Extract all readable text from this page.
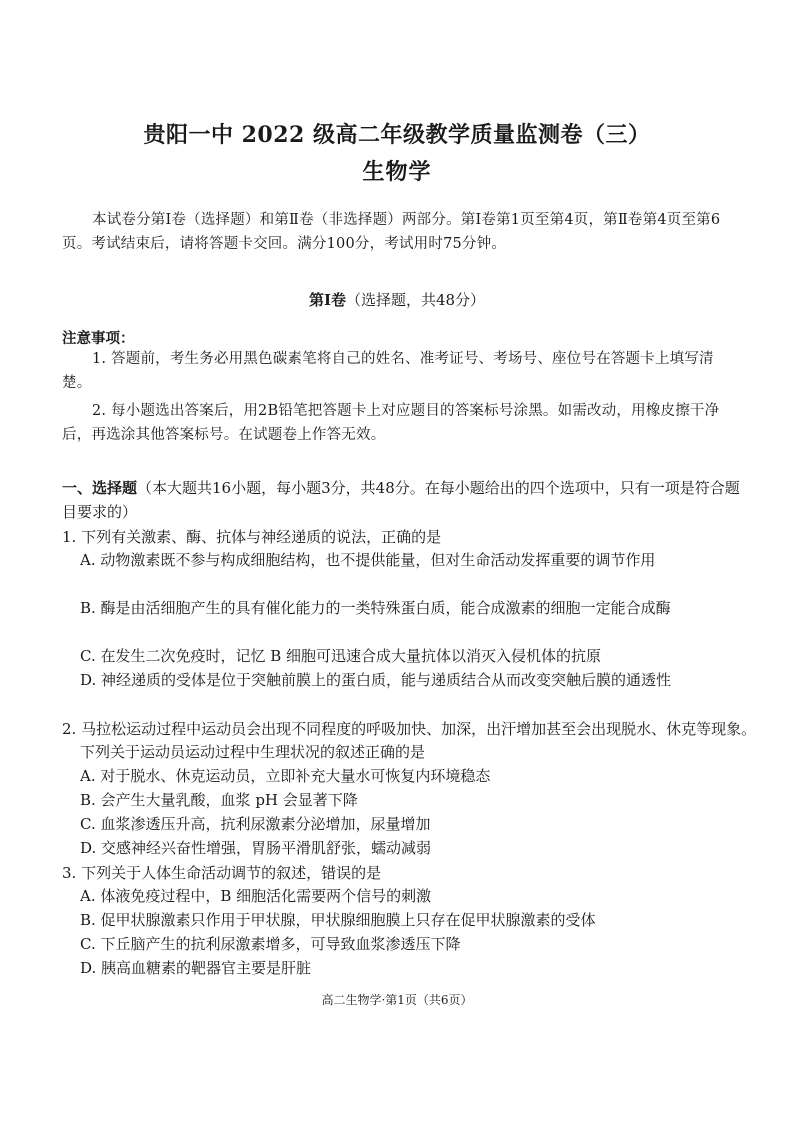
贵阳一中 2022 级高二年级教学质量监测卷（三）
生物学
本试卷分第Ⅰ卷（选择题）和第Ⅱ卷（非选择题）两部分。第Ⅰ卷第1页至第4页，第Ⅱ卷第4页至第6页。考试结束后，请将答题卡交回。满分100分，考试用时75分钟。
第Ⅰ卷（选择题，共48分）
注意事项：
1. 答题前，考生务必用黑色碳素笔将自己的姓名、准考证号、考场号、座位号在答题卡上填写清楚。
2. 每小题选出答案后，用2B铅笔把答题卡上对应题目的答案标号涂黑。如需改动，用橡皮擦干净后，再选涂其他答案标号。在试题卷上作答无效。
一、选择题（本大题共16小题，每小题3分，共48分。在每小题给出的四个选项中，只有一项是符合题目要求的）
1. 下列有关激素、酶、抗体与神经递质的说法，正确的是
A. 动物激素既不参与构成细胞结构，也不提供能量，但对生命活动发挥重要的调节作用
B. 酶是由活细胞产生的具有催化能力的一类特殊蛋白质，能合成激素的细胞一定能合成酶
C. 在发生二次免疫时，记忆 B 细胞可迅速合成大量抗体以消灭入侵机体的抗原
D. 神经递质的受体是位于突触前膜上的蛋白质，能与递质结合从而改变突触后膜的通透性
2. 马拉松运动过程中运动员会出现不同程度的呼吸加快、加深，出汗增加甚至会出现脱水、休克等现象。下列关于运动员运动过程中生理状况的叙述正确的是
A. 对于脱水、休克运动员，立即补充大量水可恢复内环境稳态
B. 会产生大量乳酸，血浆 pH 会显著下降
C. 血浆渗透压升高，抗利尿激素分泌增加，尿量增加
D. 交感神经兴奋性增强，胃肠平滑肌舒张，蠕动减弱
3. 下列关于人体生命活动调节的叙述，错误的是
A. 体液免疫过程中，B 细胞活化需要两个信号的刺激
B. 促甲状腺激素只作用于甲状腺，甲状腺细胞膜上只存在促甲状腺激素的受体
C. 下丘脑产生的抗利尿激素增多，可导致血浆渗透压下降
D. 胰高血糖素的靶器官主要是肝脏
高二生物学·第1页（共6页）
